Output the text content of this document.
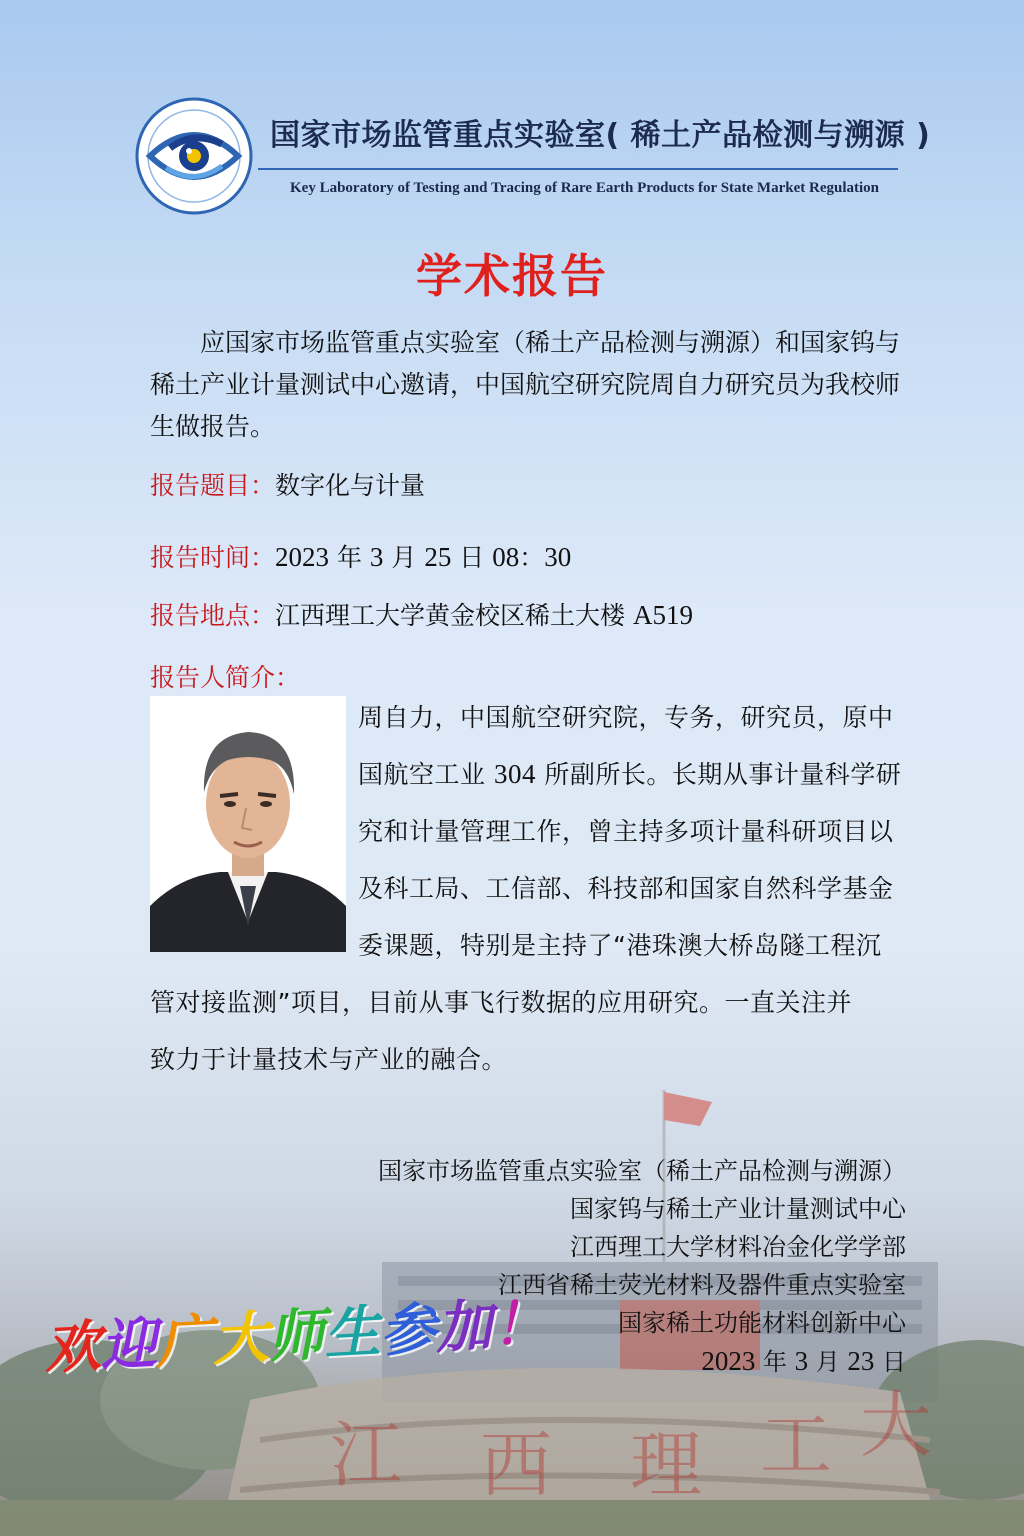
江 西 理 工 大
国家市场监管重点实验室( 稀土产品检测与溯源 )
Key Laboratory of Testing and Tracing of Rare Earth Products for State Market Regulation
学术报告
应国家市场监管重点实验室（稀土产品检测与溯源）和国家钨与稀土产业计量测试中心邀请，中国航空研究院周自力研究员为我校师生做报告。
报告题目：数字化与计量
报告时间：2023 年 3 月 25 日 08：30
报告地点：江西理工大学黄金校区稀土大楼 A519
报告人简介：
周自力，中国航空研究院，专务，研究员，原中
国航空工业 304 所副所长。长期从事计量科学研
究和计量管理工作，曾主持多项计量科研项目以
及科工局、工信部、科技部和国家自然科学基金
委课题，特别是主持了“港珠澳大桥岛隧工程沉
管对接监测”项目，目前从事飞行数据的应用研究。一直关注并
致力于计量技术与产业的融合。
国家市场监管重点实验室（稀土产品检测与溯源）
国家钨与稀土产业计量测试中心
江西理工大学材料冶金化学学部
江西省稀土荧光材料及器件重点实验室
国家稀土功能材料创新中心
2023 年 3 月 23 日
欢迎广大师生参加！
